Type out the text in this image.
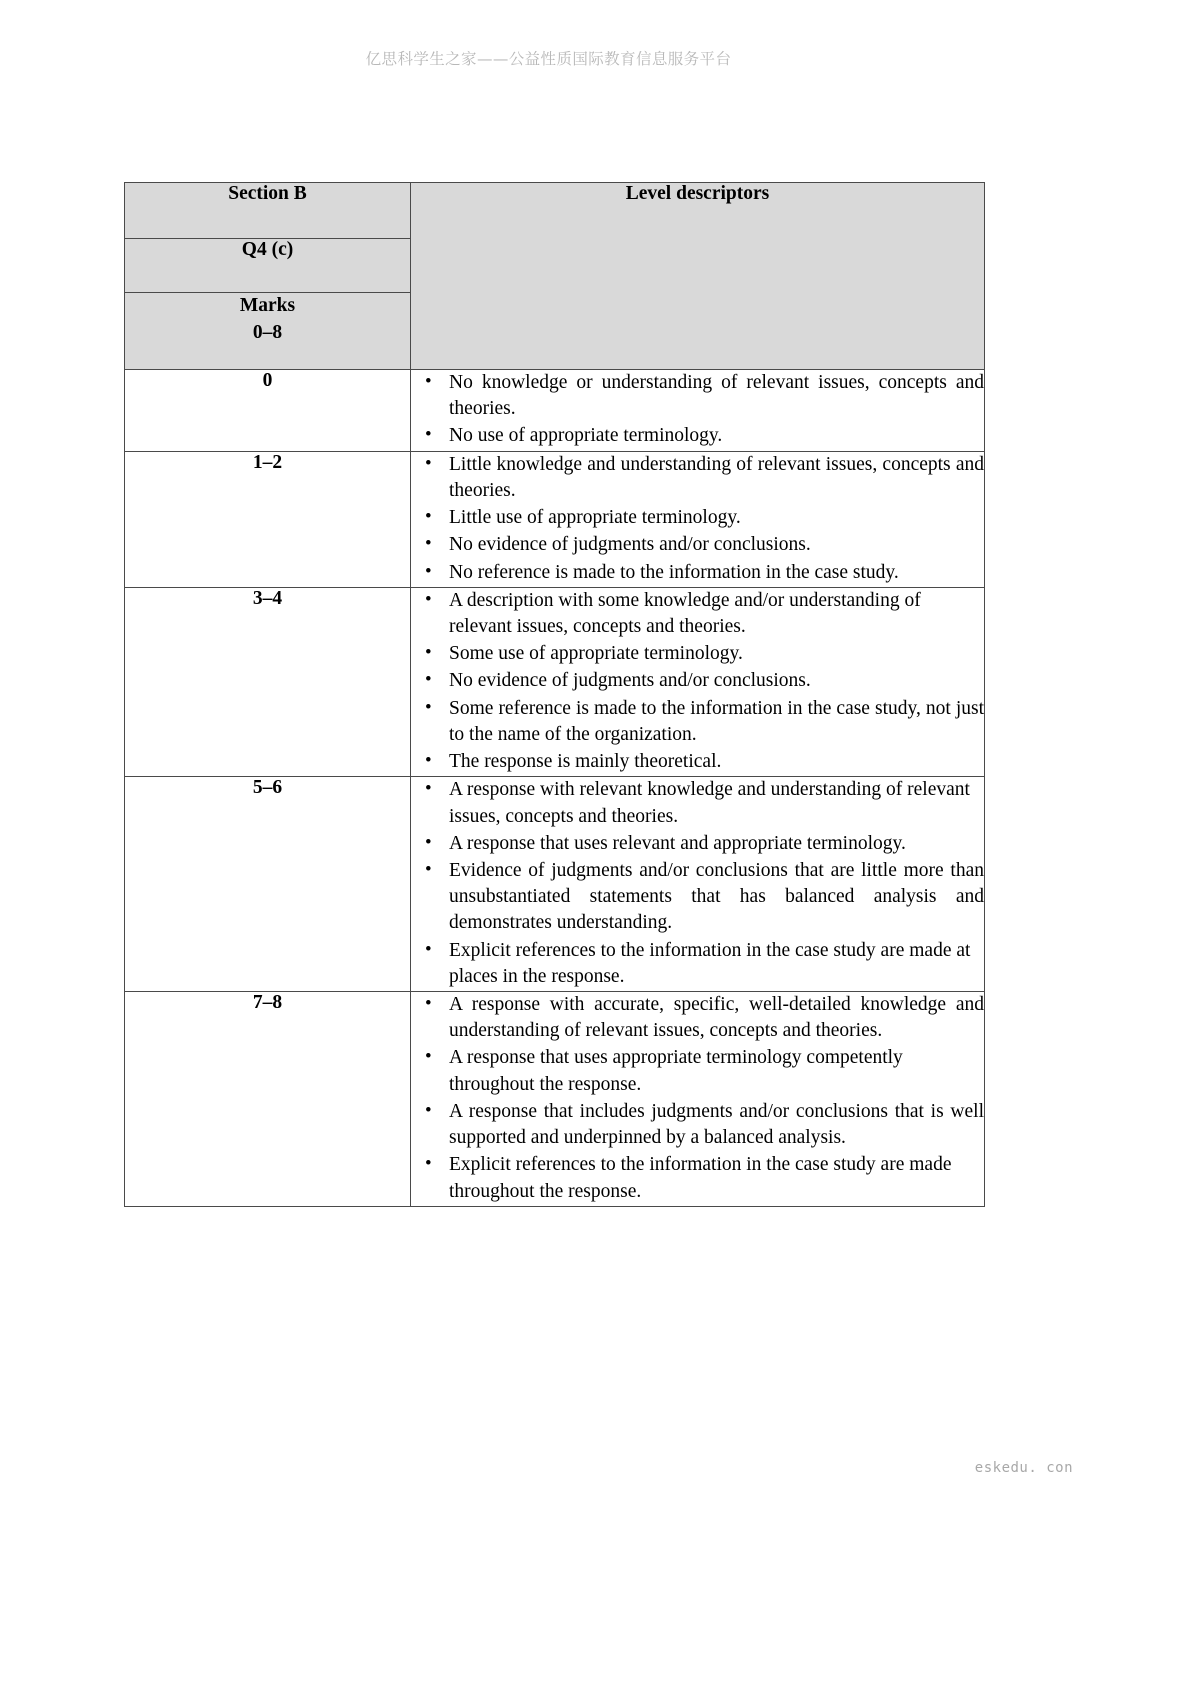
亿思科学生之家——公益性质国际教育信息服务平台
Section B	Level descriptors
Q4 (c)	

Marks
0–8	

0	
•No knowledge or understanding of relevant issues, concepts and theories.
• No use of appropriate terminology.

1–2	
•Little knowledge and understanding of relevant issues, concepts and theories.
• Little use of appropriate terminology.
• No evidence of judgments and/or conclusions.
• No reference is made to the information in the case study.

3–4	
•A description with some knowledge and/or understanding of relevant issues, concepts and theories.
• Some use of appropriate terminology.
• No evidence of judgments and/or conclusions.
• Some reference is made to the information in the case study, not just to the name of the organization.
• The response is mainly theoretical.

5–6	
•A response with relevant knowledge and understanding of relevant issues, concepts and theories.
• A response that uses relevant and appropriate terminology.
• Evidence of judgments and/or conclusions that are little more than unsubstantiated statements that has balanced analysis and demonstrates understanding.
• Explicit references to the information in the case study are made at places in the response.

7–8	
•A response with accurate, specific, well-detailed knowledge and understanding of relevant issues, concepts and theories.
• A response that uses appropriate terminology competently throughout the response.
• A response that includes judgments and/or conclusions that is well supported and underpinned by a balanced analysis.
• Explicit references to the information in the case study are made throughout the response.
eskedu. con
